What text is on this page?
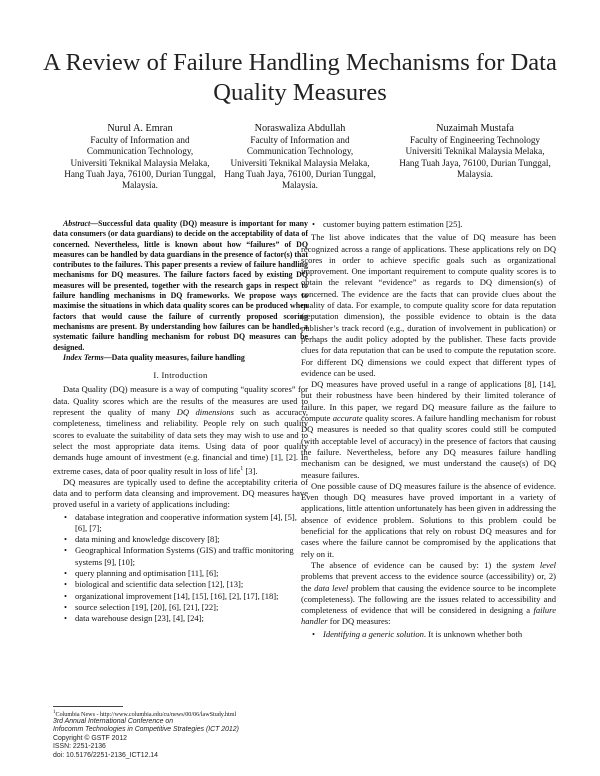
A Review of Failure Handling Mechanisms for Data Quality Measures
Nurul A. Emran
Faculty of Information and
Communication Technology,
Universiti Teknikal Malaysia Melaka,
Hang Tuah Jaya, 76100, Durian Tunggal,
Malaysia.
Noraswaliza Abdullah
Faculty of Information and
Communication Technology,
Universiti Teknikal Malaysia Melaka,
Hang Tuah Jaya, 76100, Durian Tunggal,
Malaysia.
Nuzaimah Mustafa
Faculty of Engineering Technology
Universiti Teknikal Malaysia Melaka,
Hang Tuah Jaya, 76100, Durian Tunggal,
Malaysia.

Abstract—Successful data quality (DQ) measure is important for many data consumers (or data guardians) to decide on the acceptability of data of concerned. Nevertheless, little is known about how “failures” of DQ measures can be handled by data guardians in the presence of factor(s) that contributes to the failures. This paper presents a review of failure handling mechanisms for DQ measures. The failure factors faced by existing DQ measures will be presented, together with the research gaps in respect to failure handling mechanisms in DQ frameworks. We propose ways to maximise the situations in which data quality scores can be produced when factors that would cause the failure of currently proposed scoring mechanisms are present. By understanding how failures can be handled, a systematic failure handling mechanism for robust DQ measures can be designed.

Index Terms—Data quality measures, failure handling

I. Introduction

Data Quality (DQ) measure is a way of computing “quality scores” for data. Quality scores which are the results of the measures are used to represent the quality of many DQ dimensions such as accuracy, completeness, timeliness and reliability. People rely on such quality scores to evaluate the suitability of data sets they may wish to use and to select the most appropriate data items. Using data of poor quality demands huge amount of investment (e.g. financial and time) [1], [2]. In extreme cases, data of poor quality result in loss of life$^1$ [3].

DQ measures are typically used to define the acceptability criteria of data and to perform data cleansing and improvement. DQ measures have proved useful in a variety of applications including:

• database integration and cooperative information system [4], [5], [6], [7];
• data mining and knowledge discovery [8];
• Geographical Information Systems (GIS) and traffic monitoring systems [9], [10];
• query planning and optimisation [11], [6];
• biological and scientific data selection [12], [13];
• organizational improvement [14], [15], [16], [2], [17], [18];
• source selection [19], [20], [6], [21], [22];
• data warehouse design [23], [4], [24];
• customer buying pattern estimation [25].

The list above indicates that the value of DQ measure has been recognized across a range of applications. These applications rely on DQ scores in order to achieve specific goals such as organizational improvement. One important requirement to compute quality scores is to obtain the relevant “evidence” as regards to DQ dimension(s) of concerned. The evidence are the facts that can provide clues about the quality of data. For example, to compute quality score for data reputation (reputation dimension), the possible evidence to obtain is the data publisher’s track record (e.g., duration of involvement in publication) or perhaps the audit policy adopted by the publisher. These facts provide clues for data reputation that can be used to compute the reputation score. For different DQ dimensions we could expect that different types of evidence can be used.

DQ measures have proved useful in a range of applications [8], [14], but their robustness have been hindered by their limited tolerance of failure. In this paper, we regard DQ measure failure as the failure to compute accurate quality scores. A failure handling mechanism for robust DQ measures is needed so that quality scores could still be computed (with acceptable level of accuracy) in the presence of factors that causing the failure. Nevertheless, before any DQ measures failure handling mechanism can be designed, we must understand the cause(s) of DQ measure failures.

One possible cause of DQ measures failure is the absence of evidence. Even though DQ measures have proved important in a variety of applications, little attention unfortunately has been given in addressing the absence of evidence problem. Solutions to this problem could be beneficial for the applications that rely on robust DQ measures and for cases where the failure cannot be compromised by the applications that rely on it.

The absence of evidence can be caused by: 1) the system level problems that prevent access to the evidence source (accessibility) or, 2) the data level problem that causing the evidence source to be incomplete (completeness). The following are the issues related to accessibility and completeness of evidence that will be considered in designing a failure handler for DQ measures:

• Identifying a generic solution. It is unknown whether both
$^1$Columbia News - http://www.columbia.edu/cu/news/00/06/lawStudy.html
3rd Annual International Conference on
Infocomm Technologies in Competitive Strategies (ICT 2012)
Copyright © GSTF 2012
ISSN: 2251-2136
doi: 10.5176/2251-2136_ICT12.14
